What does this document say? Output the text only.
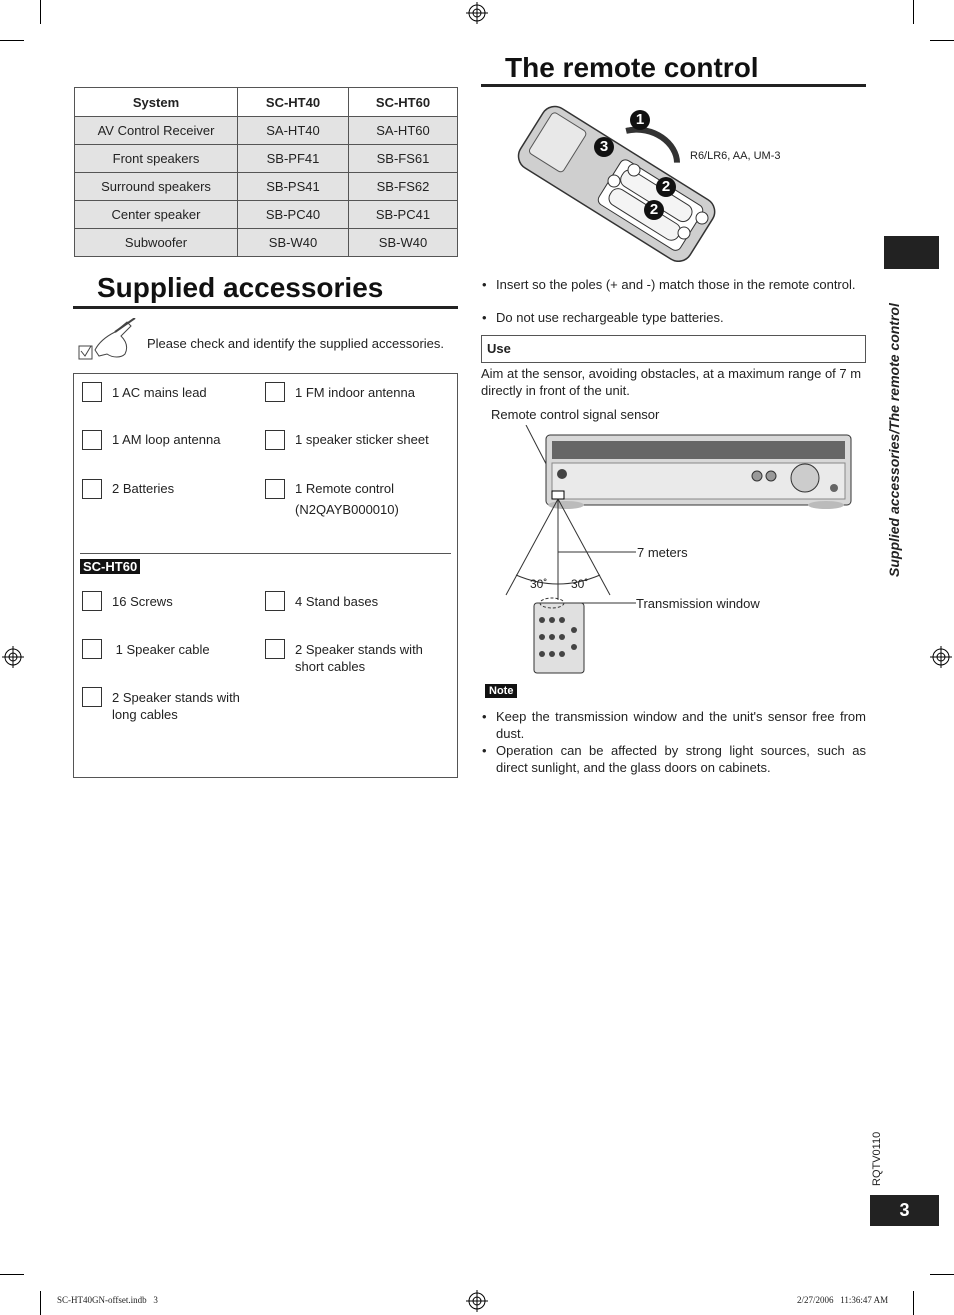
System	SC-HT40	SC-HT60
AV Control Receiver	SA-HT40	SA-HT60
Front speakers	SB-PF41	SB-FS61
Surround speakers	SB-PS41	SB-FS62
Center speaker	SB-PC40	SB-PC41
Subwoofer	SB-W40	SB-W40
Supplied accessories
Please check and identify the supplied accessories.
1 AC mains lead	1 FM indoor antenna
1 AM loop antenna	1 speaker sticker sheet
2 Batteries	1 Remote control
(N2QAYB000010)
SC-HT60
16 Screws	4 Stand bases
1 Speaker cable	2 Speaker stands with
short cables
2 Speaker stands with
long cables
The remote control
1
2
2
3
R6/LR6, AA, UM-3
• Insert so the poles (+ and -) match those in the remote control.
• Do not use rechargeable type batteries.
Use
Aim at the sensor, avoiding obstacles, at a maximum range of 7 m directly in front of the unit.
Remote control signal sensor
7 meters
30˚ 30˚
Transmission window
Note
• Keep the transmission window and the unit's sensor free from dust.
• Operation can be affected by strong light sources, such as direct sunlight, and the glass doors on cabinets.
Supplied accessories/The remote control
RQTV0110
3
SC-HT40GN-offset.indb   3	2/27/2006   11:36:47 AM
